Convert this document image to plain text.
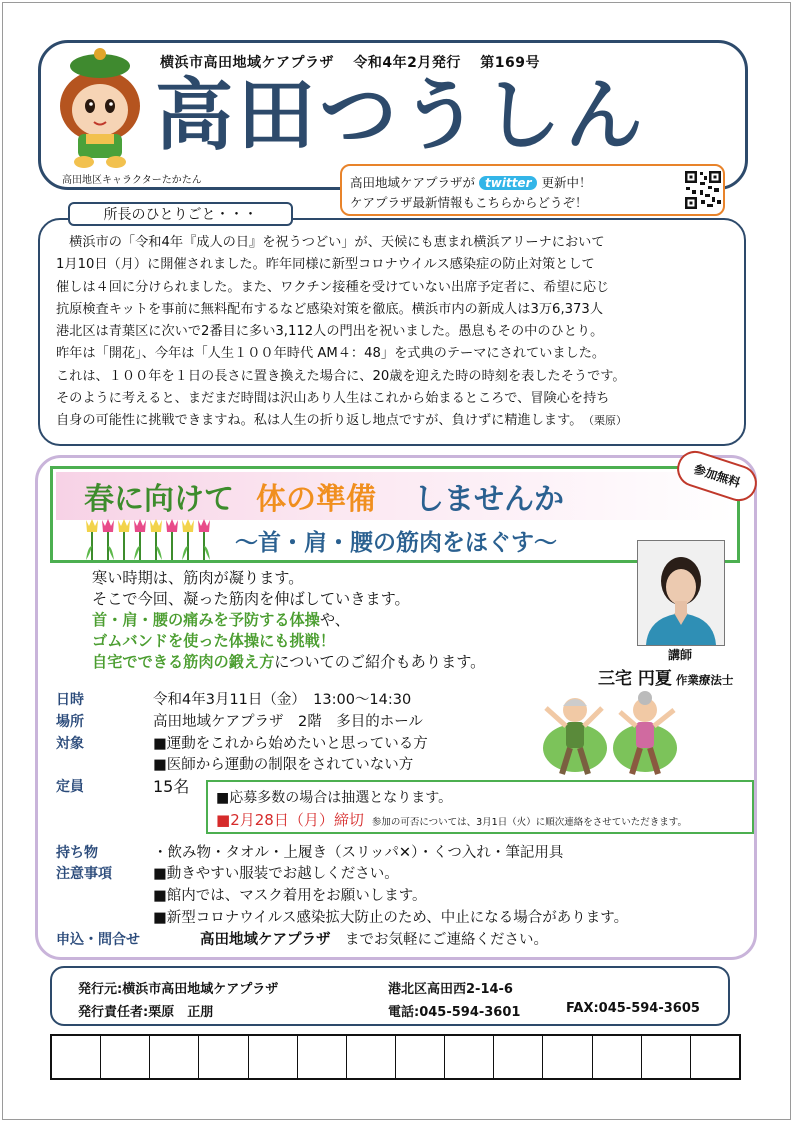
横浜市高田地域ケアプラザ 令和4年2月発行 第169号
高田つうしん
高田地区キャラクターたかたん	高田地域ケアプラザが twitter 更新中！
ケアプラザ最新情報もこちらからどうぞ！
所長のひとりごと・・・

　横浜市の「令和4年『成人の日』を祝うつどい」が、天候にも恵まれ横浜アリーナにおいて

1月10日（月）に開催されました。昨年同様に新型コロナウイルス感染症の防止対策として

催しは４回に分けられました。また、ワクチン接種を受けていない出席予定者に、希望に応じ

抗原検査キットを事前に無料配布するなど感染対策を徹底。横浜市内の新成人は3万6,373人

港北区は青葉区に次いで2番目に多い3,112人の門出を祝いました。愚息もその中のひとり。

昨年は「開花」、今年は「人生１００年時代 AM４：48」を式典のテーマにされていました。

これは、１００年を１日の長さに置き換えた場合に、20歳を迎えた時の時刻を表したそうです。

そのように考えると、まだまだ時間は沢山あり人生はこれから始まるところで、冒険心を持ち

自身の可能性に挑戦できますね。私は人生の折り返し地点ですが、負けずに精進します。 （栗原）

春に向けて 体の準備 しませんか
～首・肩・腰の筋肉をほぐす～
参加無料

寒い時期は、筋肉が凝ります。

そこで今回、凝った筋肉を伸ばしていきます。

首・肩・腰の痛みを予防する体操や、

ゴムバンドを使った体操にも挑戦！

自宅でできる筋肉の鍛え方についてのご紹介もあります。	講師
三宅 円夏 作業療法士
日時	令和4年3月11日（金）　13:00～14:30
場所	高田地域ケアプラザ　2階　多目的ホール
対象	■運動をこれから始めたいと思っている方
■医師から運動の制限をされていない方
定員	15名
■応募多数の場合は抽選となります。
■2月28日（月）締切 参加の可否については、3月1日（火）に順次連絡をさせていただきます。
持ち物	・飲み物・タオル・上履き（スリッパ✕）・くつ入れ・筆記用具
注意事項	■動きやすい服装でお越しください。
■館内では、マスク着用をお願いします。
■新型コロナウイルス感染拡大防止のため、中止になる場合があります。
申込・問合せ	高田地域ケアプラザ　 までお気軽にご連絡ください。
発行元:横浜市高田地域ケアプラザ
発行責任者:栗原　正朋
港北区高田西2-14-6
電話:045-594-3601	FAX:045-594-3605
